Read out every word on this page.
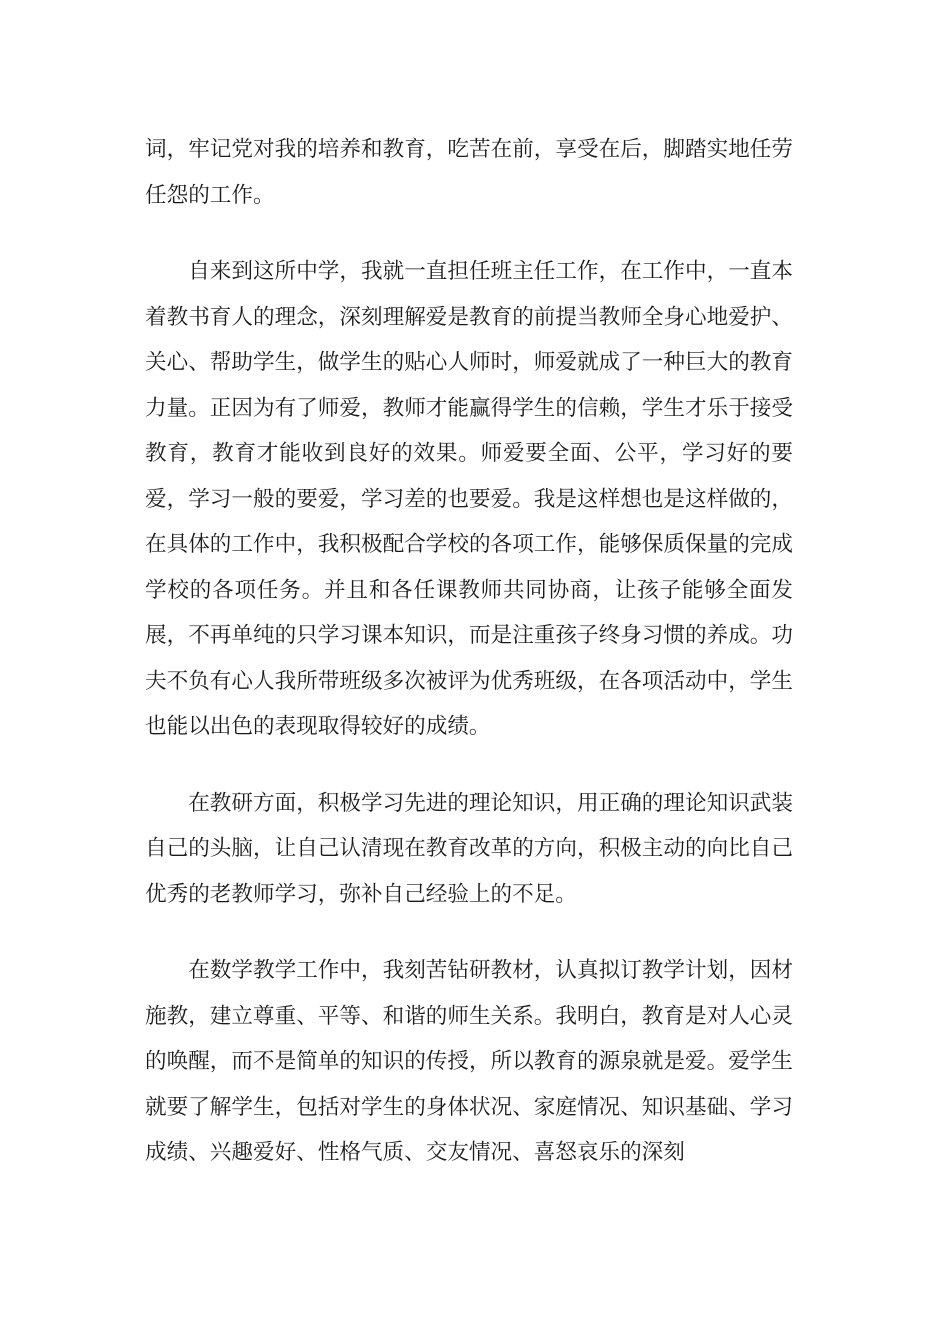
词，牢记党对我的培养和教育，吃苦在前，享受在后，脚踏实地任劳任怨的工作。

自来到这所中学，我就一直担任班主任工作，在工作中，一直本着教书育人的理念，深刻理解爱是教育的前提当教师全身心地爱护、关心、帮助学生，做学生的贴心人师时，师爱就成了一种巨大的教育力量。正因为有了师爱，教师才能赢得学生的信赖，学生才乐于接受教育，教育才能收到良好的效果。师爱要全面、公平，学习好的要爱，学习一般的要爱，学习差的也要爱。我是这样想也是这样做的，在具体的工作中，我积极配合学校的各项工作，能够保质保量的完成学校的各项任务。并且和各任课教师共同协商，让孩子能够全面发展，不再单纯的只学习课本知识，而是注重孩子终身习惯的养成。功夫不负有心人我所带班级多次被评为优秀班级，在各项活动中，学生也能以出色的表现取得较好的成绩。

在教研方面，积极学习先进的理论知识，用正确的理论知识武装自己的头脑，让自己认清现在教育改革的方向，积极主动的向比自己优秀的老教师学习，弥补自己经验上的不足。

在数学教学工作中，我刻苦钻研教材，认真拟订教学计划，因材施教，建立尊重、平等、和谐的师生关系。我明白，教育是对人心灵的唤醒，而不是简单的知识的传授，所以教育的源泉就是爱。爱学生就要了解学生，包括对学生的身体状况、家庭情况、知识基础、学习成绩、兴趣爱好、性格气质、交友情况、喜怒哀乐的深刻
